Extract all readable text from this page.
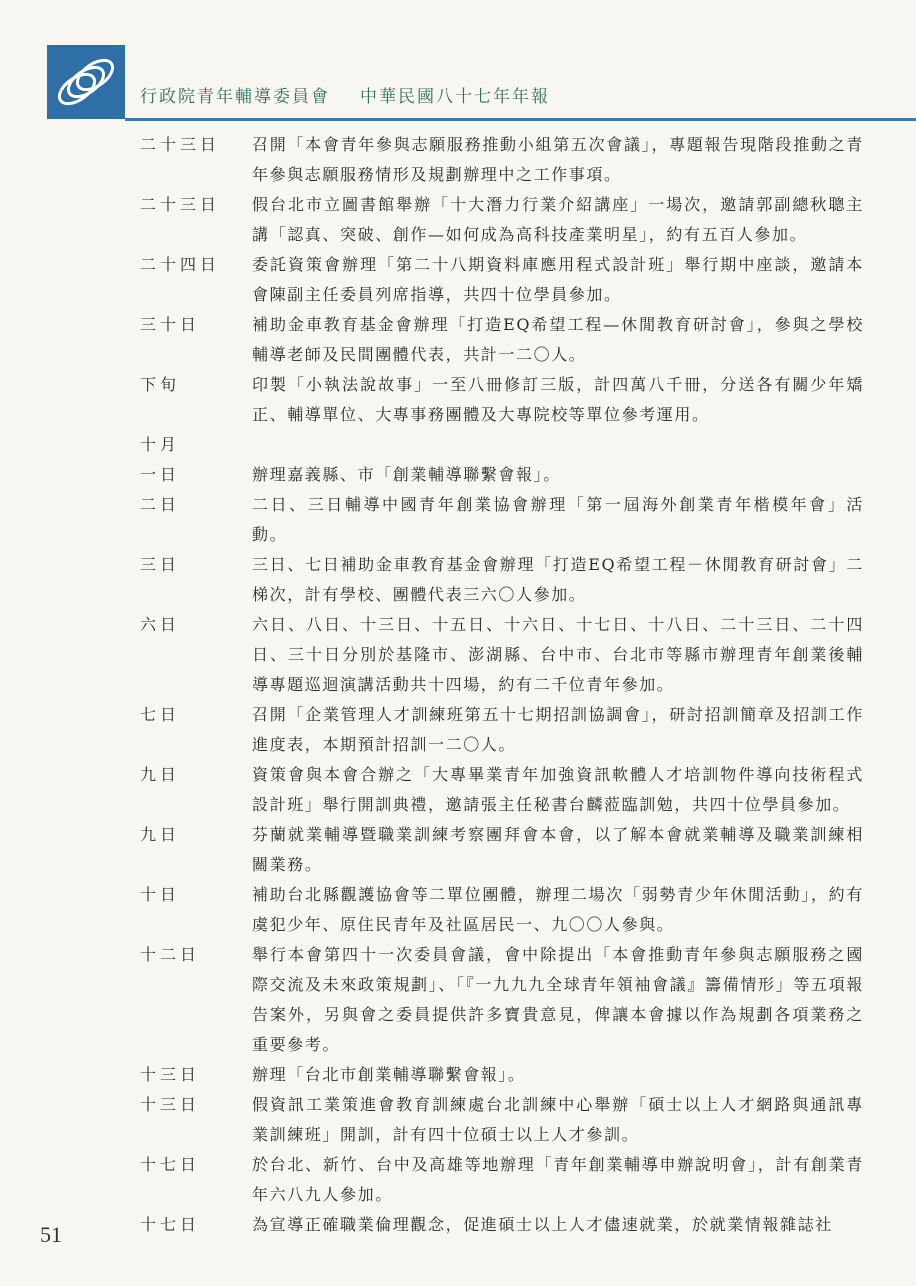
行政院青年輔導委員會 中華民國八十七年年報
二十三日 召開「本會青年參與志願服務推動小組第五次會議」，專題報告現階段推動之青年參與志願服務情形及規劃辦理中之工作事項。
二十三日 假台北市立圖書館舉辦「十大潛力行業介紹講座」一場次，邀請郭副總秋聰主講「認真、突破、創作—如何成為高科技產業明星」，約有五百人參加。
二十四日 委託資策會辦理「第二十八期資料庫應用程式設計班」舉行期中座談，邀請本會陳副主任委員列席指導，共四十位學員參加。
三十日	補助金車教育基金會辦理「打造EQ希望工程—休閒教育研討會」，參與之學校輔導老師及民間團體代表，共計一二〇人。
下旬	印製「小執法說故事」一至八冊修訂三版，計四萬八千冊，分送各有關少年矯正、輔導單位、大專事務團體及大專院校等單位參考運用。
十月
一日	辦理嘉義縣、市「創業輔導聯繫會報」。
二日	二日、三日輔導中國青年創業協會辦理「第一屆海外創業青年楷模年會」活動。
三日	三日、七日補助金車教育基金會辦理「打造EQ希望工程－休閒教育研討會」二梯次，計有學校、團體代表三六〇人參加。
六日	六日、八日、十三日、十五日、十六日、十七日、十八日、二十三日、二十四日、三十日分別於基隆市、澎湖縣、台中市、台北市等縣市辦理青年創業後輔導專題巡迴演講活動共十四場，約有二千位青年參加。
七日	召開「企業管理人才訓練班第五十七期招訓協調會」，研討招訓簡章及招訓工作進度表，本期預計招訓一二〇人。
九日	資策會與本會合辦之「大專畢業青年加強資訊軟體人才培訓物件導向技術程式設計班」舉行開訓典禮，邀請張主任秘書台麟蒞臨訓勉，共四十位學員參加。
九日	芬蘭就業輔導暨職業訓練考察團拜會本會，以了解本會就業輔導及職業訓練相關業務。
十日	補助台北縣觀護協會等二單位團體，辦理二場次「弱勢青少年休閒活動」，約有虞犯少年、原住民青年及社區居民一、九〇〇人參與。
十二日	舉行本會第四十一次委員會議，會中除提出「本會推動青年參與志願服務之國際交流及未來政策規劃」、「『一九九九全球青年領袖會議』籌備情形」等五項報告案外，另與會之委員提供許多寶貴意見，俾讓本會據以作為規劃各項業務之重要參考。
十三日	辦理「台北市創業輔導聯繫會報」。
十三日	假資訊工業策進會教育訓練處台北訓練中心舉辦「碩士以上人才網路與通訊專業訓練班」開訓，計有四十位碩士以上人才參訓。
十七日	於台北、新竹、台中及高雄等地辦理「青年創業輔導申辦說明會」，計有創業青年六八九人參加。
十七日	為宣導正確職業倫理觀念，促進碩士以上人才儘速就業，於就業情報雜誌社
51
